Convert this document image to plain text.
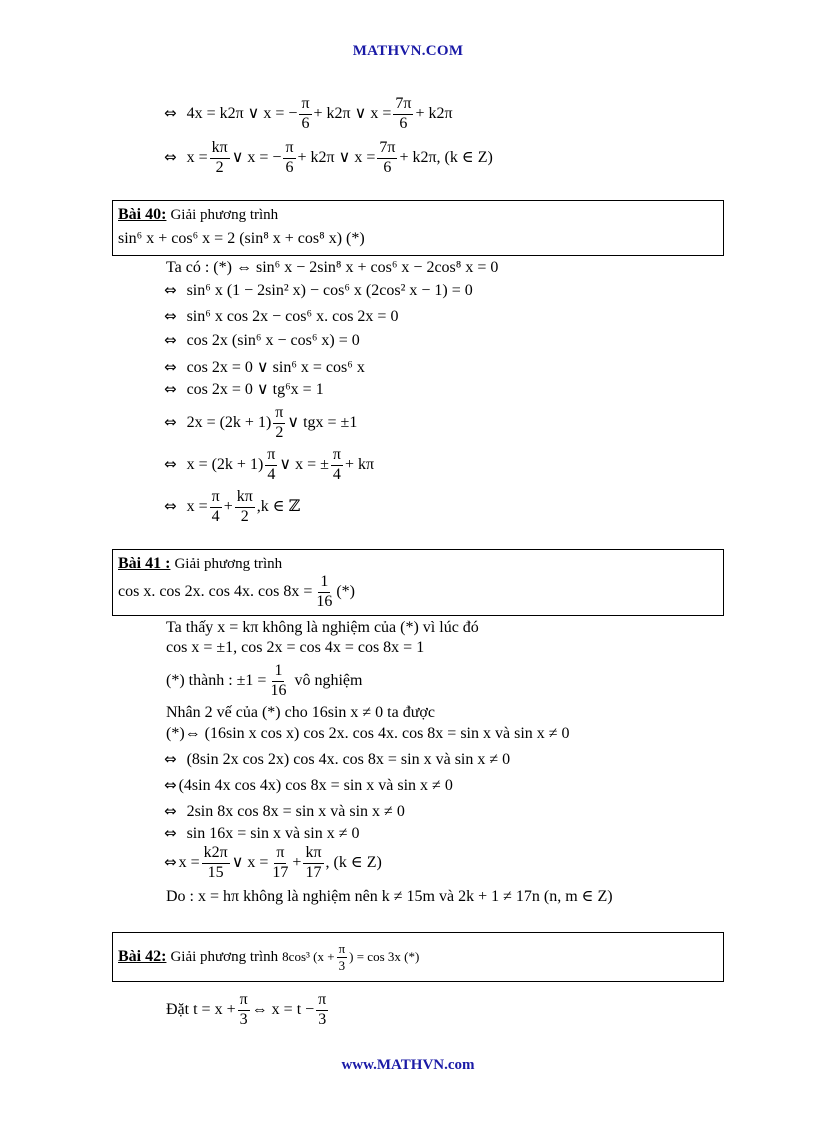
MATHVN.COM
⇔ 4x = k2π ∨ x = − $\frac{\pi}{6} + k2\pi$ ∨ $x = \frac{7\pi}{6} + k2\pi$
⇔ $x = \frac{k\pi}{2}$ ∨ x = − $\frac{\pi}{6} + k2\pi$ ∨ $x = \frac{7\pi}{6} + k2\pi$, (k ∈ Z)
Bài 40: Giải phương trình
sin⁶ x + cos⁶ x = 2 (sin⁸ x + cos⁸ x) (*)
Ta có : (*) ⇔ sin⁶ x − 2sin⁸ x + cos⁶ x − 2cos⁸ x = 0
⇔ sin⁶ x (1 − 2sin² x) − cos⁶ x (2cos² x − 1) = 0
⇔ sin⁶ x cos 2x − cos⁶ x. cos 2x = 0
⇔ cos 2x (sin⁶ x − cos⁶ x) = 0
⇔ cos 2x = 0 ∨ sin⁶ x = cos⁶ x
⇔ cos 2x = 0 ∨ tg⁶x = 1
⇔ $2x = (2k + 1) \frac{\pi}{2}$ ∨ tgx = ±1
⇔ $x = (2k + 1) \frac{\pi}{4}$ ∨ x = ± $\frac{\pi}{4} + k\pi$
⇔ $x = \frac{\pi}{4} + \frac{k\pi}{2} ,k$ ∈ ℤ
Bài 41 : Giải phương trình
cos x. cos 2x. cos 4x. $\cos 8x = \frac{1}{16}$ (*)
Ta thấy x = kπ không là nghiệm của (*) vì lúc đó
cos x = ±1, cos 2x = cos 4x = cos 8x = 1
(*) thành : $\pm 1 = \frac{1}{16}$ vô nghiệm
Nhân 2 vế của (*) cho 16sin x ≠ 0 ta được
(*)⇔ (16sin x cos x) cos 2x. cos 4x. cos 8x = sin x và sin x ≠ 0
⇔ (8sin 2x cos 2x) cos 4x. cos 8x = sin x và sin x ≠ 0
⇔ (4sin 4x cos 4x) cos 8x = sin x và sin x ≠ 0
⇔ 2sin 8x cos 8x = sin x và sin x ≠ 0
⇔ sin 16x = sin x và sin x ≠ 0
⇔ $x = \frac{k2\pi}{15}$ ∨ $x = \frac{\pi}{17} + \frac{k\pi}{17}$ , (k ∈ Z)
Do : x = hπ không là nghiệm nên k ≠ 15m và 2k + 1 ≠ 17n (n, m ∈ Z)
Bài 42: Giải phương trình 8cos³ ($x + \frac{\pi}{3}$ ) = cos 3x (*)
Đặt $t = x + \frac{\pi}{3}$ ⇔ $x = t - \frac{\pi}{3}$
www.MATHVN.com
